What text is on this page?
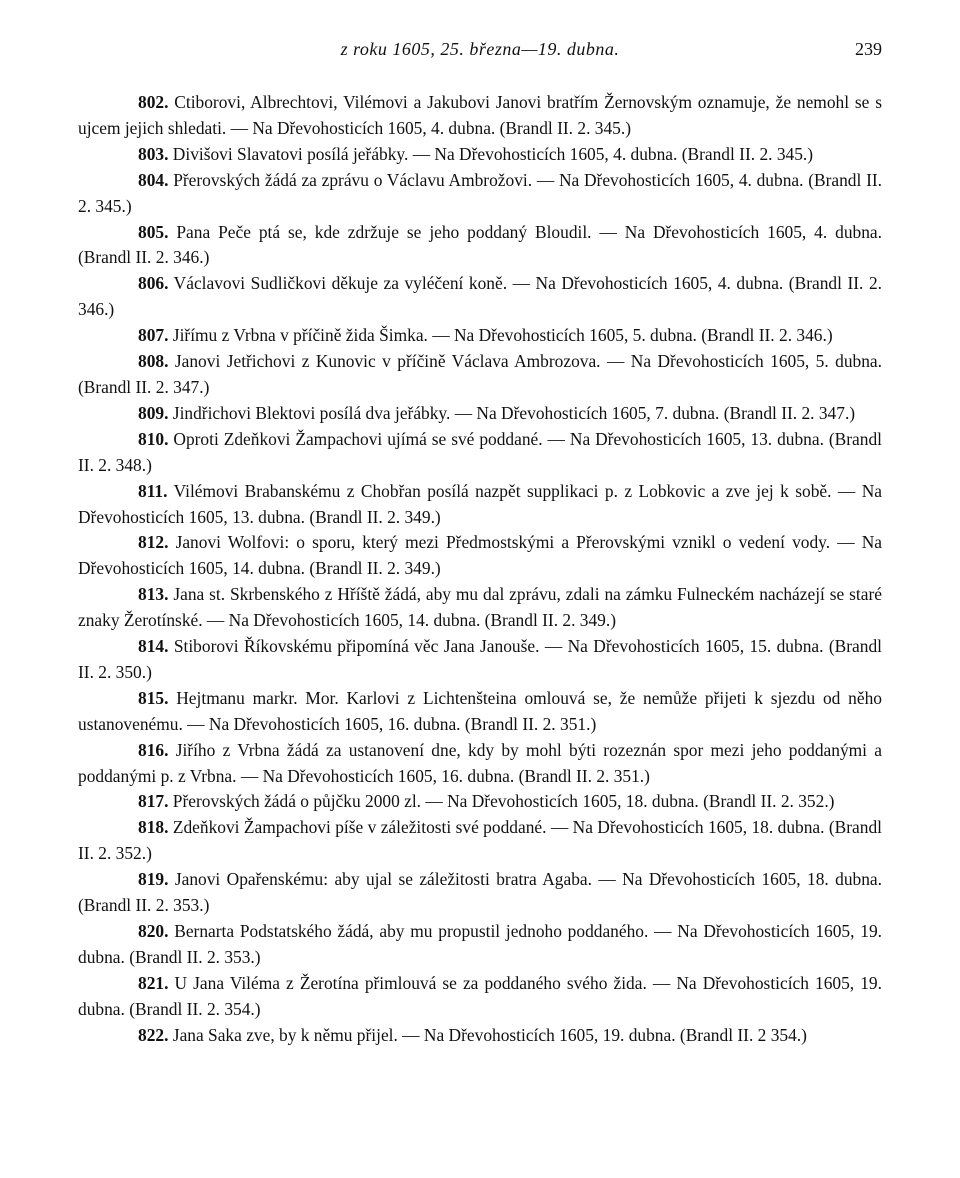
z roku 1605, 25. března—19. dubna.	239

802. Ctiborovi, Albrechtovi, Vilémovi a Jakubovi Janovi bratřím Žernovským oznamuje, že nemohl se s ujcem jejich shledati. — Na Dřevohosticích 1605, 4. dubna. (Brandl II. 2. 345.)

803. Divišovi Slavatovi posílá jeřábky. — Na Dřevohosticích 1605, 4. dubna. (Brandl II. 2. 345.)

804. Přerovských žádá za zprávu o Václavu Ambrožovi. — Na Dřevohosticích 1605, 4. dubna. (Brandl II. 2. 345.)

805. Pana Peče ptá se, kde zdržuje se jeho poddaný Bloudil. — Na Dřevohosticích 1605, 4. dubna. (Brandl II. 2. 346.)

806. Václavovi Sudličkovi děkuje za vyléčení koně. — Na Dřevohosticích 1605, 4. dubna. (Brandl II. 2. 346.)

807. Jiřímu z Vrbna v příčině žida Šimka. — Na Dřevohosticích 1605, 5. dubna. (Brandl II. 2. 346.)

808. Janovi Jetřichovi z Kunovic v příčině Václava Ambrozova. — Na Dřevohosticích 1605, 5. dubna. (Brandl II. 2. 347.)

809. Jindřichovi Blektovi posílá dva jeřábky. — Na Dřevohosticích 1605, 7. dubna. (Brandl II. 2. 347.)

810. Oproti Zdeňkovi Žampachovi ujímá se své poddané. — Na Dřevohosticích 1605, 13. dubna. (Brandl II. 2. 348.)

811. Vilémovi Brabanskému z Chobřan posílá nazpět supplikaci p. z Lobkovic a zve jej k sobě. — Na Dřevohosticích 1605, 13. dubna. (Brandl II. 2. 349.)

812. Janovi Wolfovi: o sporu, který mezi Předmostskými a Přerovskými vznikl o vedení vody. — Na Dřevohosticích 1605, 14. dubna. (Brandl II. 2. 349.)

813. Jana st. Skrbenského z Hříště žádá, aby mu dal zprávu, zdali na zámku Fulneckém nacházejí se staré znaky Žerotínské. — Na Dřevohosticích 1605, 14. dubna. (Brandl II. 2. 349.)

814. Stiborovi Říkovskému připomíná věc Jana Janouše. — Na Dřevohosticích 1605, 15. dubna. (Brandl II. 2. 350.)

815. Hejtmanu markr. Mor. Karlovi z Lichtenšteina omlouvá se, že nemůže přijeti k sjezdu od něho ustanovenému. — Na Dřevohosticích 1605, 16. dubna. (Brandl II. 2. 351.)

816. Jiřího z Vrbna žádá za ustanovení dne, kdy by mohl býti rozeznán spor mezi jeho poddanými a poddanými p. z Vrbna. — Na Dřevohosticích 1605, 16. dubna. (Brandl II. 2. 351.)

817. Přerovských žádá o půjčku 2000 zl. — Na Dřevohosticích 1605, 18. dubna. (Brandl II. 2. 352.)

818. Zdeňkovi Žampachovi píše v záležitosti své poddané. — Na Dřevohosticích 1605, 18. dubna. (Brandl II. 2. 352.)

819. Janovi Opařenskému: aby ujal se záležitosti bratra Agaba. — Na Dřevohosticích 1605, 18. dubna. (Brandl II. 2. 353.)

820. Bernarta Podstatského žádá, aby mu propustil jednoho poddaného. — Na Dřevohosticích 1605, 19. dubna. (Brandl II. 2. 353.)

821. U Jana Viléma z Žerotína přimlouvá se za poddaného svého žida. — Na Dřevohosticích 1605, 19. dubna. (Brandl II. 2. 354.)

822. Jana Saka zve, by k němu přijel. — Na Dřevohosticích 1605, 19. dubna. (Brandl II. 2 354.)
